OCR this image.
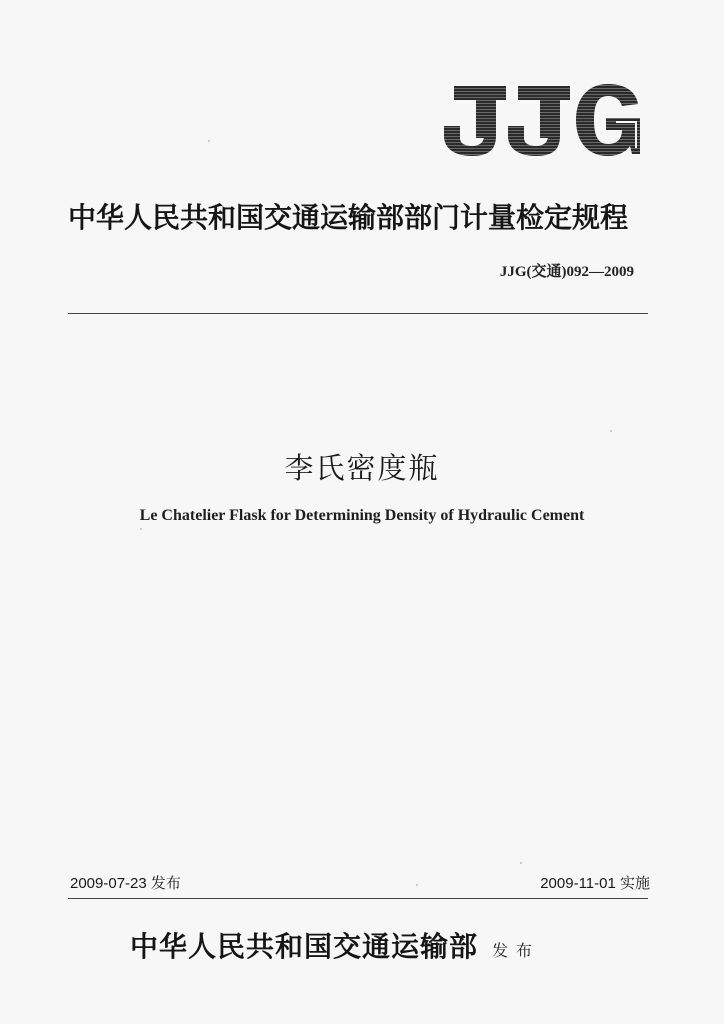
中华人民共和国交通运输部部门计量检定规程
JJG(交通)092—2009
李氏密度瓶
Le Chatelier Flask for Determining Density of Hydraulic Cement
2009-07-23 发布	2009-11-01 实施
中华人民共和国交通运输部 发布
